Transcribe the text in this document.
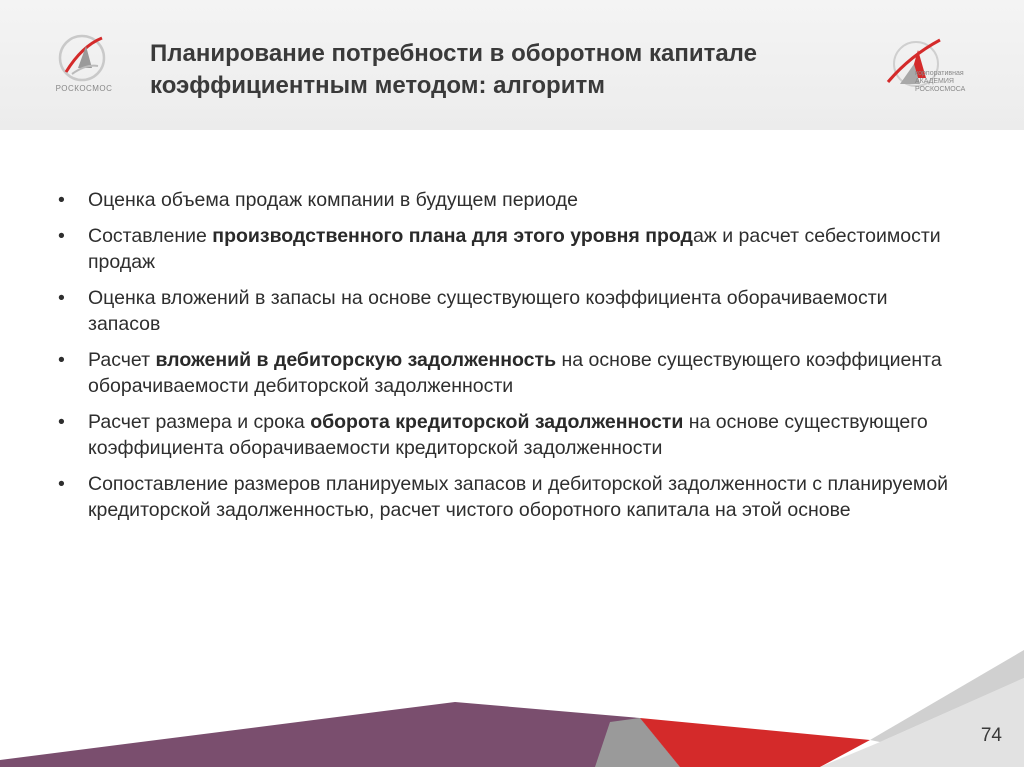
РОСКОСМОС
корпоративная
АКАДЕМИЯ
РОСКОСМОСА
Планирование потребности в оборотном капитале
коэффициентным методом: алгоритм
•	Оценка объема продаж компании в будущем периоде
•	Составление производственного плана для этого уровня продаж и расчет себестоимости продаж
•	Оценка вложений в запасы на основе существующего коэффициента оборачиваемости запасов
•	Расчет вложений в дебиторскую задолженность на основе существующего коэффициента оборачиваемости дебиторской задолженности
•	Расчет размера и срока оборота кредиторской задолженности на основе существующего коэффициента оборачиваемости кредиторской задолженности
•	Сопоставление размеров планируемых запасов и дебиторской задолженности с планируемой кредиторской задолженностью, расчет чистого оборотного капитала на этой основе
74
